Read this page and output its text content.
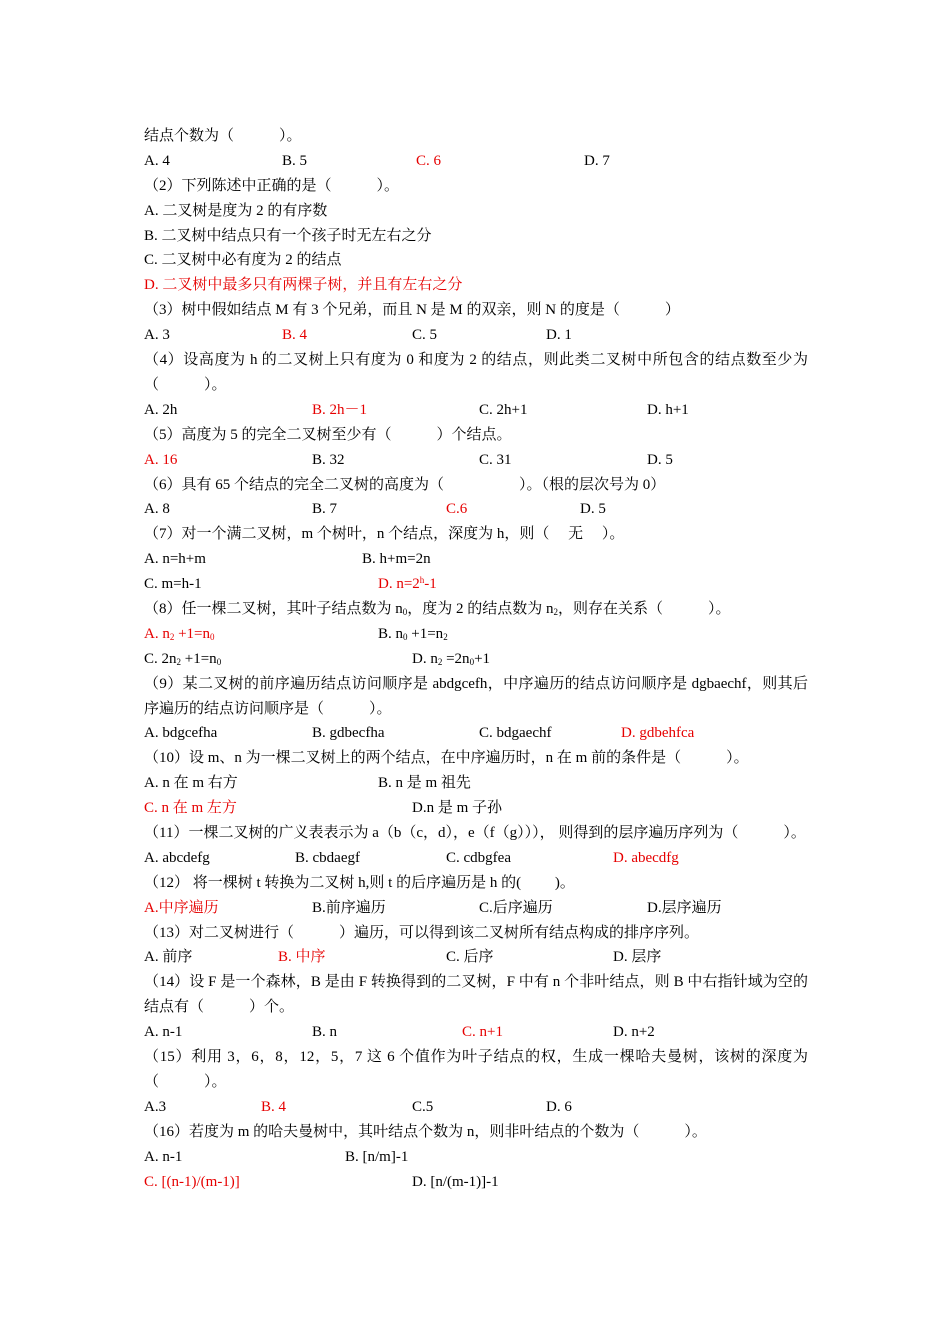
结点个数为（　　　）。
A. 4	B. 5	C. 6	D. 7
（2）下列陈述中正确的是（　　　）。
A. 二叉树是度为 2 的有序数
B. 二叉树中结点只有一个孩子时无左右之分
C. 二叉树中必有度为 2 的结点
D. 二叉树中最多只有两棵子树，并且有左右之分
（3）树中假如结点 M 有 3 个兄弟，而且 N 是 M 的双亲，则 N 的度是（　　　）
A. 3	B. 4	C. 5	D. 1
（4）设高度为 h 的二叉树上只有度为 0 和度为 2 的结点，则此类二叉树中所包含的结点数至少为（　　　）。
A. 2h	B. 2h－1	C. 2h+1	D. h+1
（5）高度为 5 的完全二叉树至少有（　　　）个结点。
A. 16	B. 32	C. 31	D. 5
（6）具有 65 个结点的完全二叉树的高度为（　　　　　）。（根的层次号为 0）
A. 8	B. 7	C.6	D. 5
（7）对一个满二叉树，m 个树叶，n 个结点，深度为 h，则（　 无　 ）。
A. n=h+m	B. h+m=2n
C. m=h-1	D. $n=2^h-1$
（8）任一棵二叉树，其叶子结点数为 $n_0$，度为 2 的结点数为 $n_2$，则存在关系（　　　）。
A. $n_2 +1=n_0$	B. $n_0 +1=n_2$
C. $2n_2 +1=n_0$	D. $n_2 =2n_0+1$
（9）某二叉树的前序遍历结点访问顺序是 abdgcefh，中序遍历的结点访问顺序是 dgbaechf，则其后序遍历的结点访问顺序是（　　　）。
A. bdgcefha	B. gdbecfha	C. bdgaechf	D. gdbehfca
（10）设 m、n 为一棵二叉树上的两个结点，在中序遍历时，n 在 m 前的条件是（　　　）。
A. n 在 m 右方	B. n 是 m 祖先
C. n 在 m 左方	D.n 是 m 子孙
（11）一棵二叉树的广义表表示为 a（b（c，d），e（f（g）））， 则得到的层序遍历序列为（　　　）。
A. abcdefg	B. cbdaegf	C. cdbgfea	D. abecdfg
（12） 将一棵树 t 转换为二叉树 h,则 t 的后序遍历是 h 的(　　 )。
A.中序遍历	B.前序遍历	C.后序遍历	D.层序遍历
（13）对二叉树进行（　　　）遍历，可以得到该二叉树所有结点构成的排序序列。
A. 前序	B. 中序	C. 后序	D. 层序
（14）设 F 是一个森林，B 是由 F 转换得到的二叉树，F 中有 n 个非叶结点，则 B 中右指针域为空的结点有（　　　）个。
A. n-1	B. n	C. n+1	D. n+2
（15）利用 3，6，8，12，5，7 这 6 个值作为叶子结点的权，生成一棵哈夫曼树，该树的深度为（　　　）。
A.3	B. 4	C.5	D. 6
（16）若度为 m 的哈夫曼树中，其叶结点个数为 n，则非叶结点的个数为（　　　）。
A. n-1	B. [n/m]-1
C. [(n-1)/(m-1)]	D. [n/(m-1)]-1
